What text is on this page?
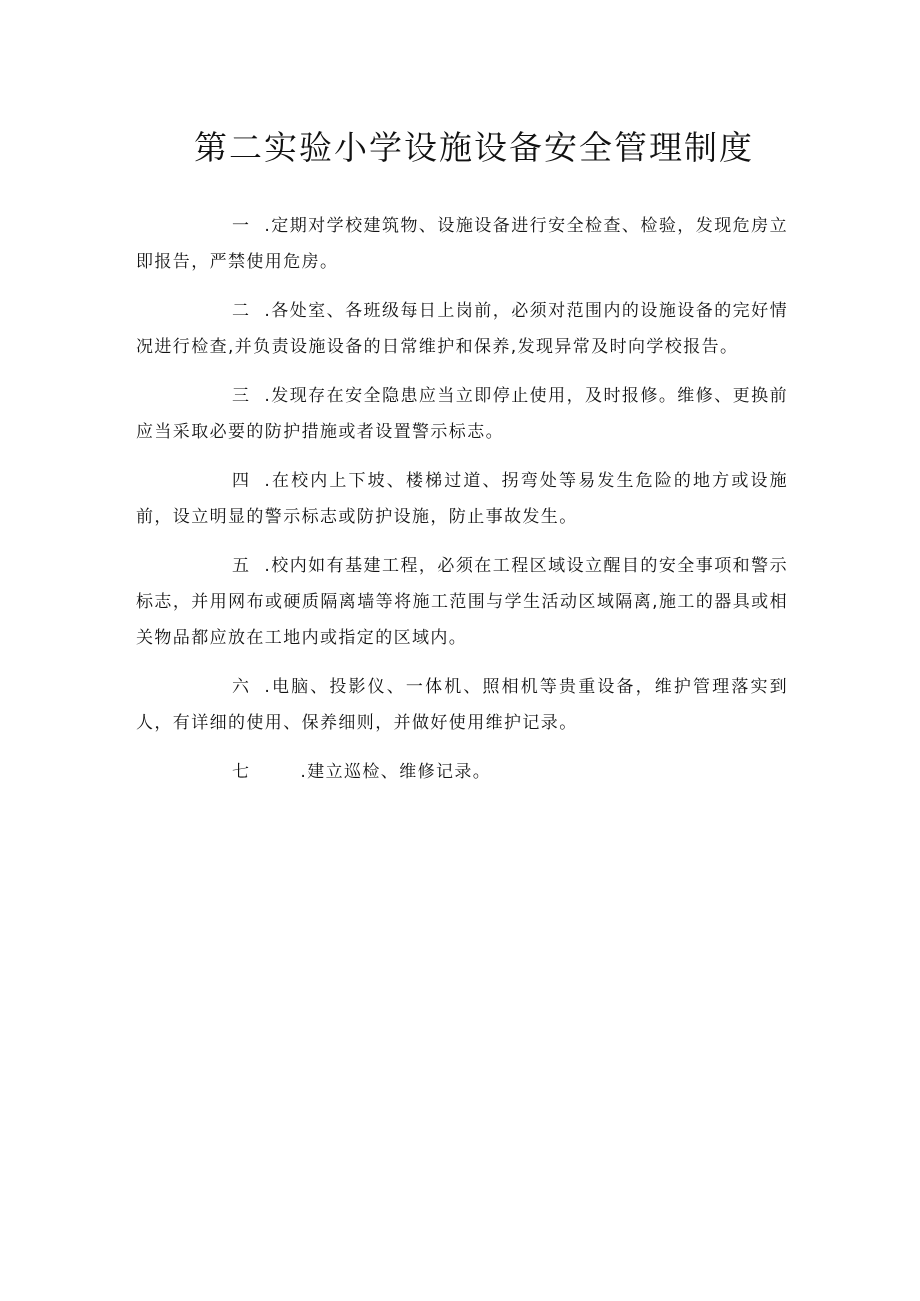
第二实验小学设施设备安全管理制度

一 .定期对学校建筑物、设施设备进行安全检查、检验，发现危房立即报告，严禁使用危房。

二 .各处室、各班级每日上岗前，必须对范围内的设施设备的完好情况进行检查,并负责设施设备的日常维护和保养,发现异常及时向学校报告。

三 .发现存在安全隐患应当立即停止使用，及时报修。维修、更换前应当采取必要的防护措施或者设置警示标志。

四 .在校内上下坡、楼梯过道、拐弯处等易发生危险的地方或设施前，设立明显的警示标志或防护设施，防止事故发生。

五 .校内如有基建工程，必须在工程区域设立醒目的安全事项和警示标志，并用网布或硬质隔离墙等将施工范围与学生活动区域隔离,施工的器具或相关物品都应放在工地内或指定的区域内。

六 .电脑、投影仪、一体机、照相机等贵重设备，维护管理落实到人，有详细的使用、保养细则，并做好使用维护记录。

七	.建立巡检、维修记录。
